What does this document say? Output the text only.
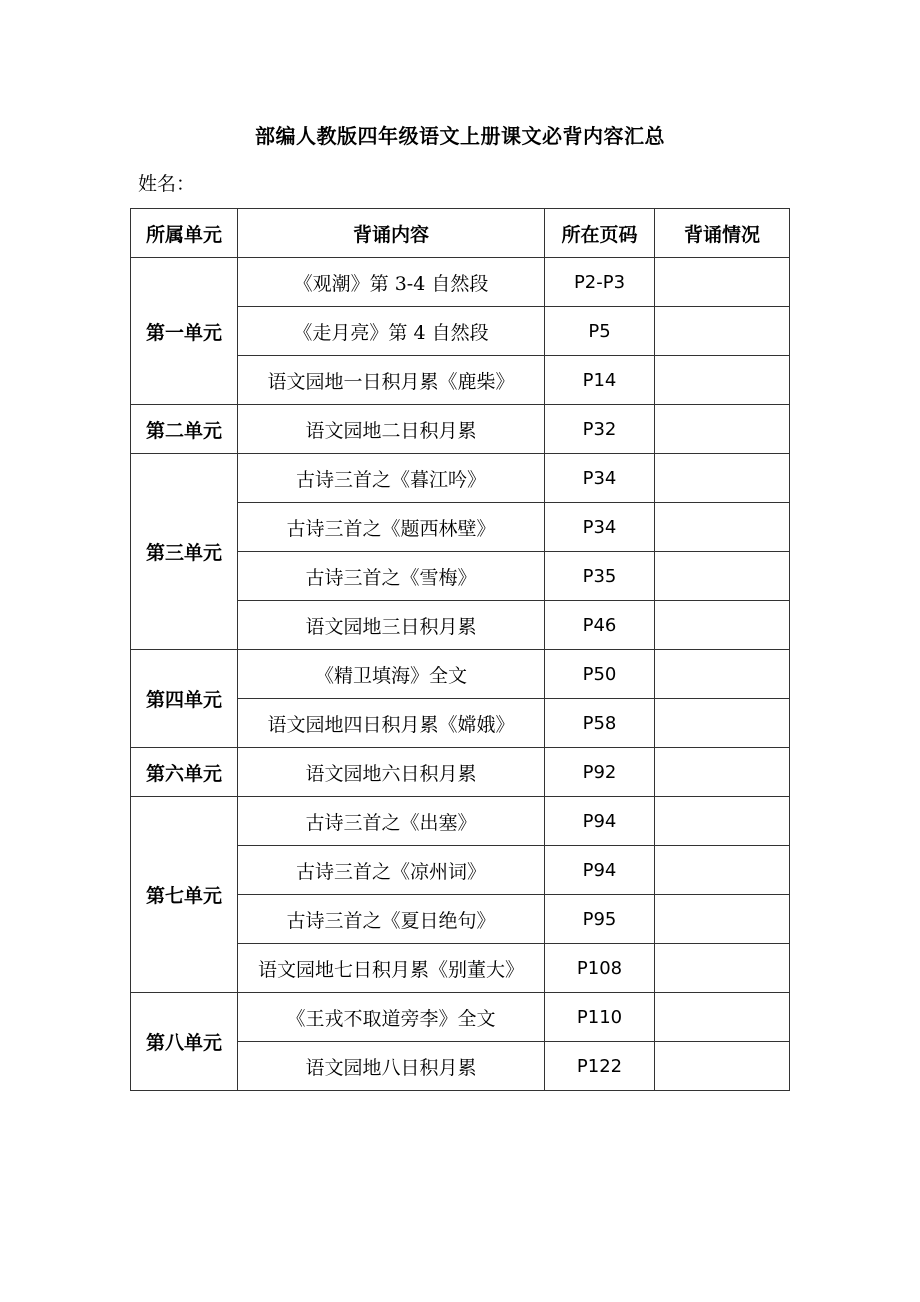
部编人教版四年级语文上册课文必背内容汇总
姓名：
所属单元	背诵内容	所在页码	背诵情况
第一单元	《观潮》第 3-4 自然段	P2-P3	
	《走月亮》第 4 自然段	P5	
	语文园地一日积月累《鹿柴》	P14	
第二单元	语文园地二日积月累	P32	
第三单元	古诗三首之《暮江吟》	P34	
	古诗三首之《题西林壁》	P34	
	古诗三首之《雪梅》	P35	
	语文园地三日积月累	P46	
第四单元	《精卫填海》全文	P50	
	语文园地四日积月累《嫦娥》	P58	
第六单元	语文园地六日积月累	P92	
第七单元	古诗三首之《出塞》	P94	
	古诗三首之《凉州词》	P94	
	古诗三首之《夏日绝句》	P95	
	语文园地七日积月累《别董大》	P108	
第八单元	《王戎不取道旁李》全文	P110	
	语文园地八日积月累	P122	
